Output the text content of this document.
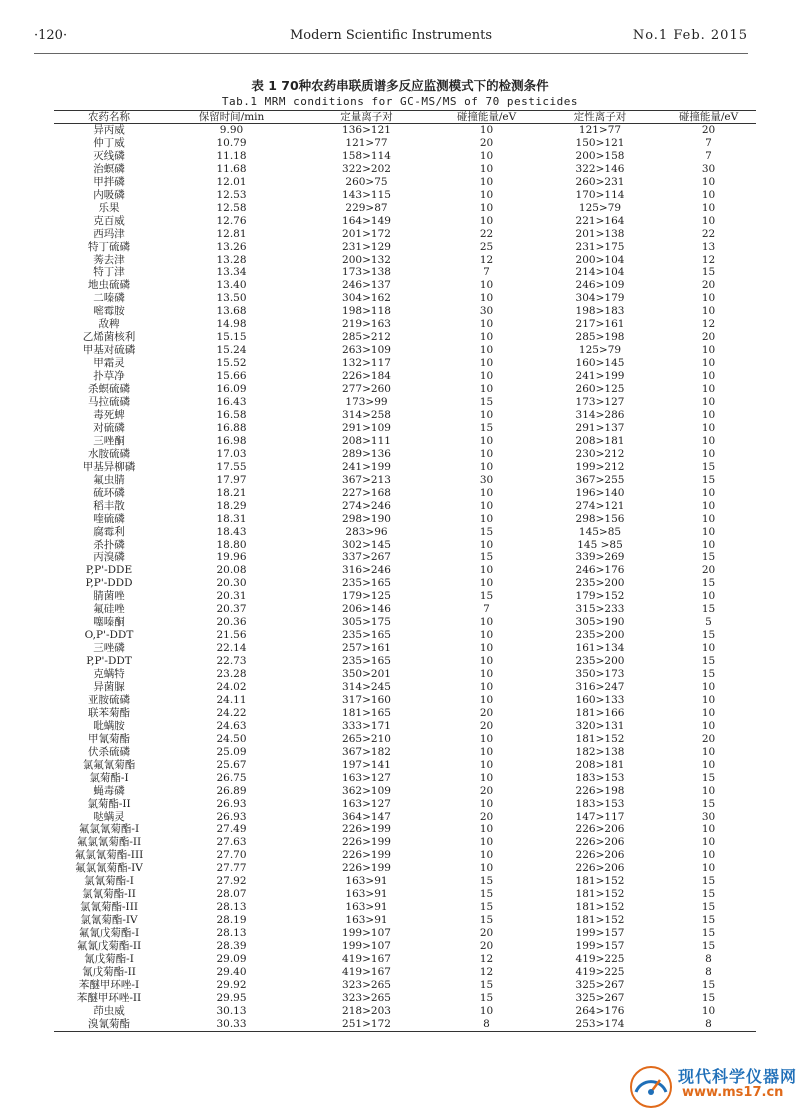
·120·	Modern Scientific Instruments	No.1 Feb. 2015
表 1 70种农药串联质谱多反应监测模式下的检测条件
Tab.1 MRM conditions for GC-MS/MS of 70 pesticides
农药名称	保留时间/min	定量离子对	碰撞能量/eV	定性离子对	碰撞能量/eV
异丙威	9.90	136>121	10	121>77	20
仲丁威	10.79	121>77	20	150>121	7
灭线磷	11.18	158>114	10	200>158	7
治螟磷	11.68	322>202	10	322>146	30
甲拌磷	12.01	260>75	10	260>231	10
内吸磷	12.53	143>115	10	170>114	10
乐果	12.58	229>87	10	125>79	10
克百威	12.76	164>149	10	221>164	10
西玛津	12.81	201>172	22	201>138	22
特丁硫磷	13.26	231>129	25	231>175	13
莠去津	13.28	200>132	12	200>104	12
特丁津	13.34	173>138	7	214>104	15
地虫硫磷	13.40	246>137	10	246>109	20
二嗪磷	13.50	304>162	10	304>179	10
嘧霉胺	13.68	198>118	30	198>183	10
敌稗	14.98	219>163	10	217>161	12
乙烯菌核利	15.15	285>212	10	285>198	20
甲基对硫磷	15.24	263>109	10	125>79	10
甲霜灵	15.52	132>117	10	160>145	10
扑草净	15.66	226>184	10	241>199	10
杀螟硫磷	16.09	277>260	10	260>125	10
马拉硫磷	16.43	173>99	15	173>127	10
毒死蜱	16.58	314>258	10	314>286	10
对硫磷	16.88	291>109	15	291>137	10
三唑酮	16.98	208>111	10	208>181	10
水胺硫磷	17.03	289>136	10	230>212	10
甲基异柳磷	17.55	241>199	10	199>212	15
氟虫腈	17.97	367>213	30	367>255	15
硫环磷	18.21	227>168	10	196>140	10
稻丰散	18.29	274>246	10	274>121	10
喹硫磷	18.31	298>190	10	298>156	10
腐霉利	18.43	283>96	15	145>85	10
杀扑磷	18.80	302>145	10	145 >85	10
丙溴磷	19.96	337>267	15	339>269	15
P,P'-DDE	20.08	316>246	10	246>176	20
P,P'-DDD	20.30	235>165	10	235>200	15
腈菌唑	20.31	179>125	15	179>152	10
氟硅唑	20.37	206>146	7	315>233	15
噻嗪酮	20.36	305>175	10	305>190	5
O,P'-DDT	21.56	235>165	10	235>200	15
三唑磷	22.14	257>161	10	161>134	10
P,P'-DDT	22.73	235>165	10	235>200	15
克螨特	23.28	350>201	10	350>173	15
异菌脲	24.02	314>245	10	316>247	10
亚胺硫磷	24.11	317>160	10	160>133	10
联苯菊酯	24.22	181>165	20	181>166	10
吡螨胺	24.63	333>171	20	320>131	10
甲氰菊酯	24.50	265>210	10	181>152	20
伏杀硫磷	25.09	367>182	10	182>138	10
氯氟氰菊酯	25.67	197>141	10	208>181	10
氯菊酯-I	26.75	163>127	10	183>153	15
蝇毒磷	26.89	362>109	20	226>198	10
氯菊酯-II	26.93	163>127	10	183>153	15
哒螨灵	26.93	364>147	20	147>117	30
氟氯氰菊酯-I	27.49	226>199	10	226>206	10
氟氯氰菊酯-II	27.63	226>199	10	226>206	10
氟氯氰菊酯-III	27.70	226>199	10	226>206	10
氟氯氰菊酯-IV	27.77	226>199	10	226>206	10
氯氰菊酯-I	27.92	163>91	15	181>152	15
氯氰菊酯-II	28.07	163>91	15	181>152	15
氯氰菊酯-III	28.13	163>91	15	181>152	15
氯氰菊酯-IV	28.19	163>91	15	181>152	15
氟氰戊菊酯-I	28.13	199>107	20	199>157	15
氟氰戊菊酯-II	28.39	199>107	20	199>157	15
氰戊菊酯-I	29.09	419>167	12	419>225	8
氰戊菊酯-II	29.40	419>167	12	419>225	8
苯醚甲环唑-I	29.92	323>265	15	325>267	15
苯醚甲环唑-II	29.95	323>265	15	325>267	15
茚虫威	30.13	218>203	10	264>176	10
溴氰菊酯	30.33	251>172	8	253>174	8
现代科学仪器网
www.ms17.cn
